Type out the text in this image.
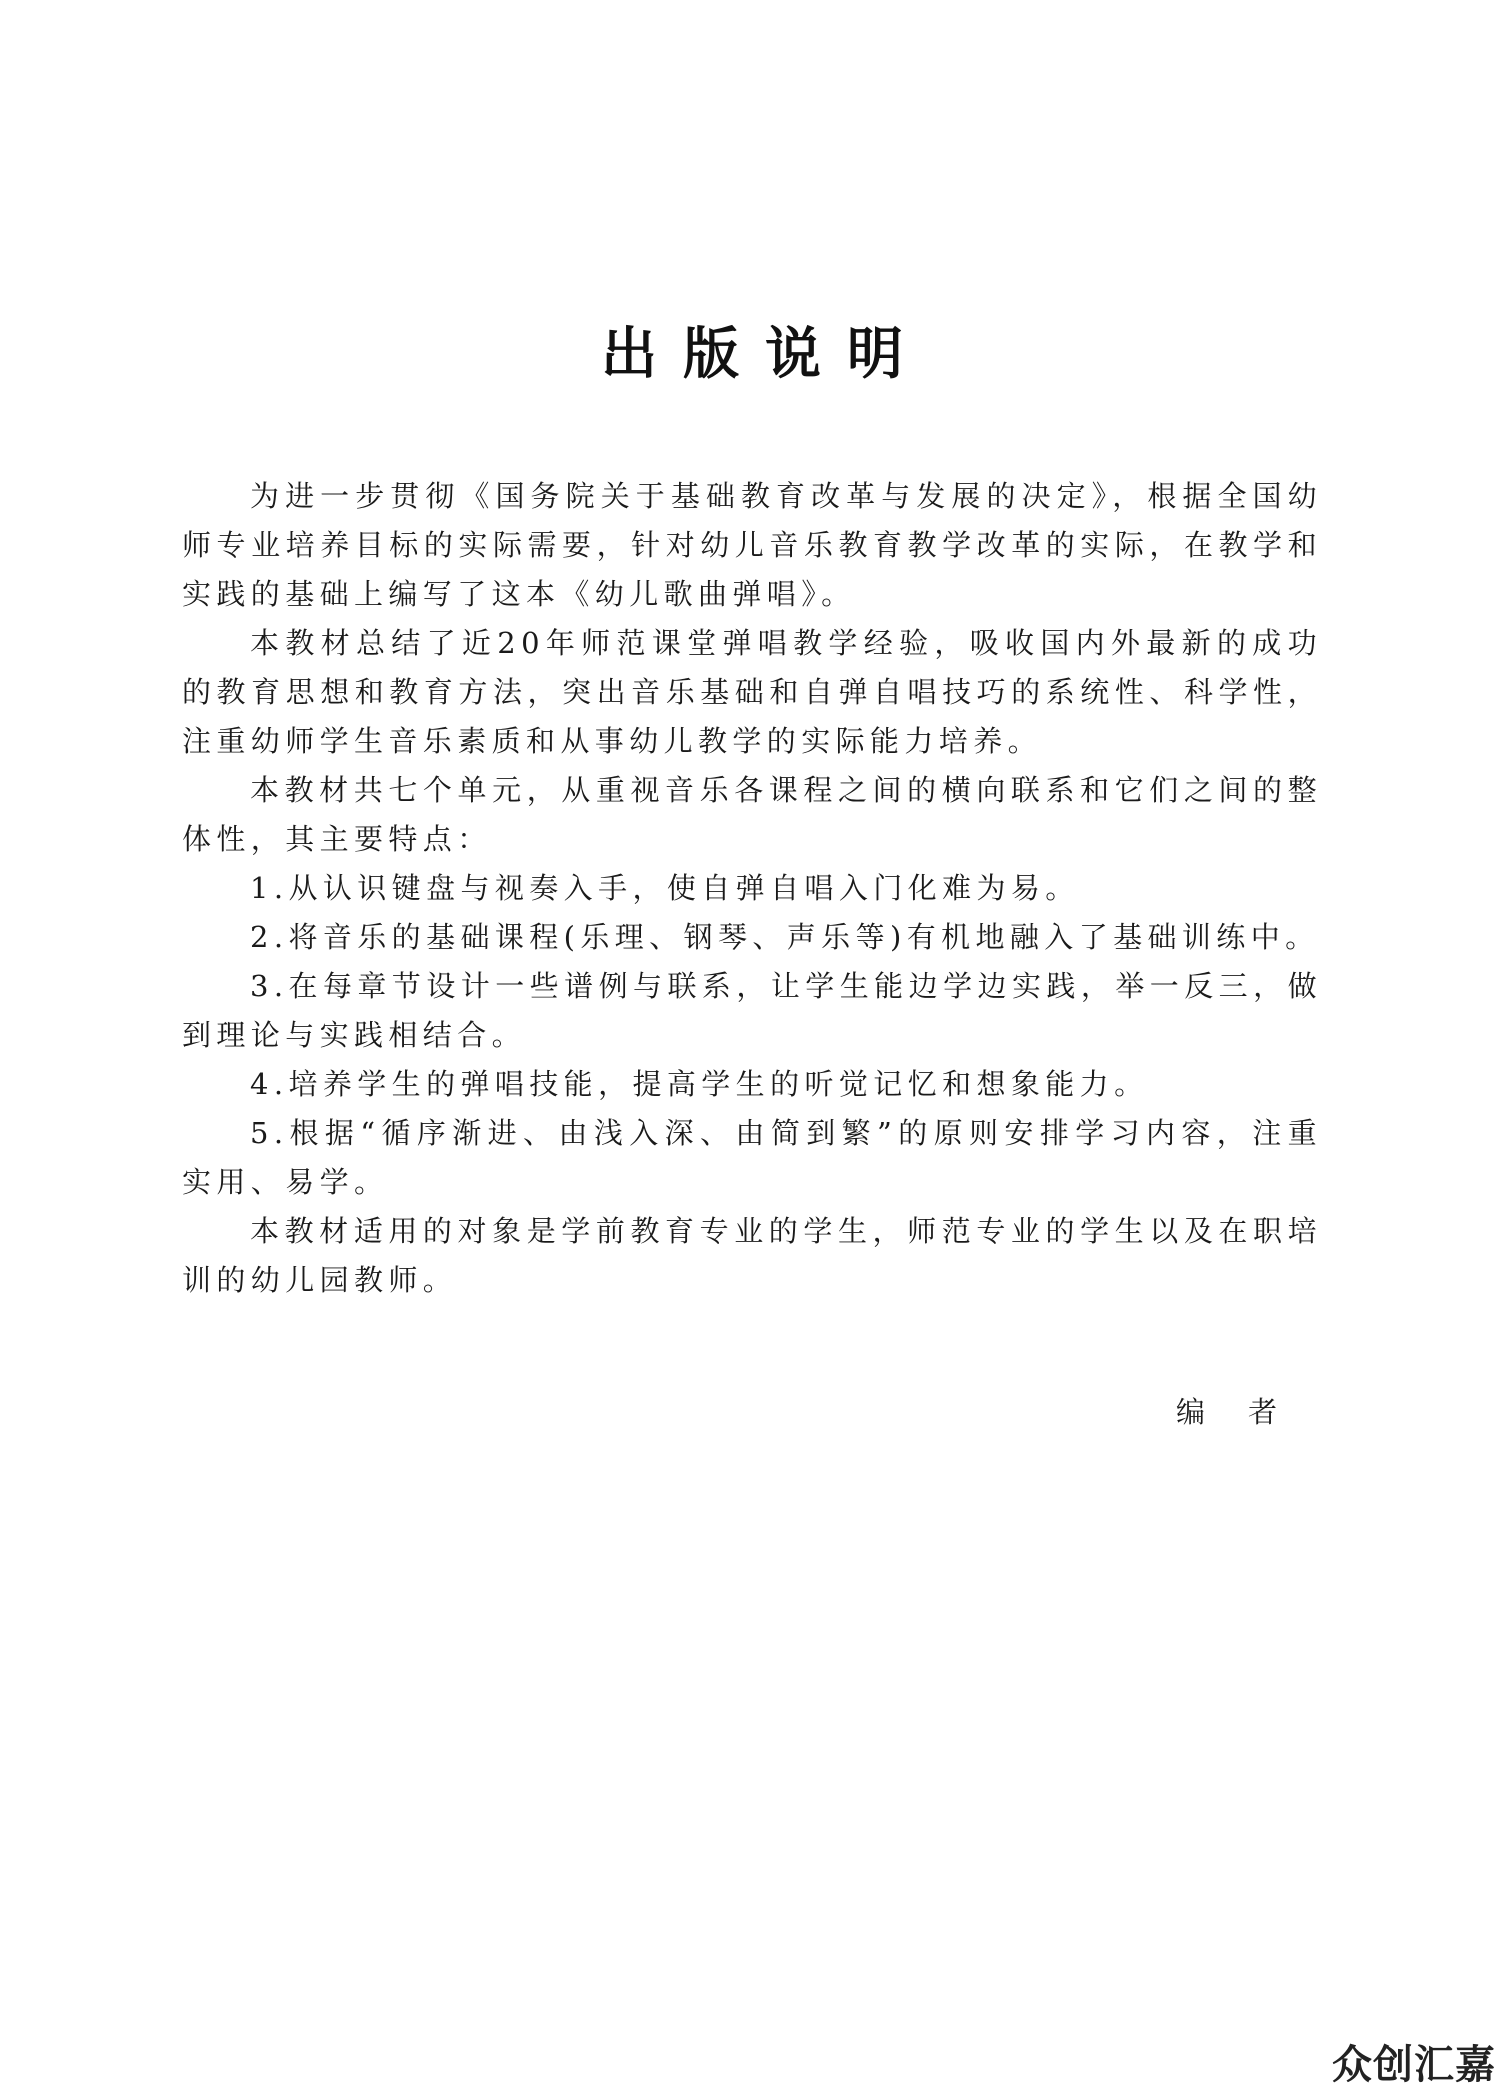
出版说明

为进一步贯彻《国务院关于基础教育改革与发展的决定》，根据全国幼师专业培养目标的实际需要，针对幼儿音乐教育教学改革的实际，在教学和实践的基础上编写了这本《幼儿歌曲弹唱》。

本教材总结了近20年师范课堂弹唱教学经验，吸收国内外最新的成功的教育思想和教育方法，突出音乐基础和自弹自唱技巧的系统性、科学性，注重幼师学生音乐素质和从事幼儿教学的实际能力培养。

本教材共七个单元，从重视音乐各课程之间的横向联系和它们之间的整体性，其主要特点：

1.从认识键盘与视奏入手，使自弹自唱入门化难为易。

2.将音乐的基础课程(乐理、钢琴、声乐等)有机地融入了基础训练中。

3.在每章节设计一些谱例与联系，让学生能边学边实践，举一反三，做到理论与实践相结合。

4.培养学生的弹唱技能，提高学生的听觉记忆和想象能力。

5.根据“循序渐进、由浅入深、由简到繁”的原则安排学习内容，注重实用、易学。

本教材适用的对象是学前教育专业的学生，师范专业的学生以及在职培训的幼儿园教师。

编 者
众创汇嘉
